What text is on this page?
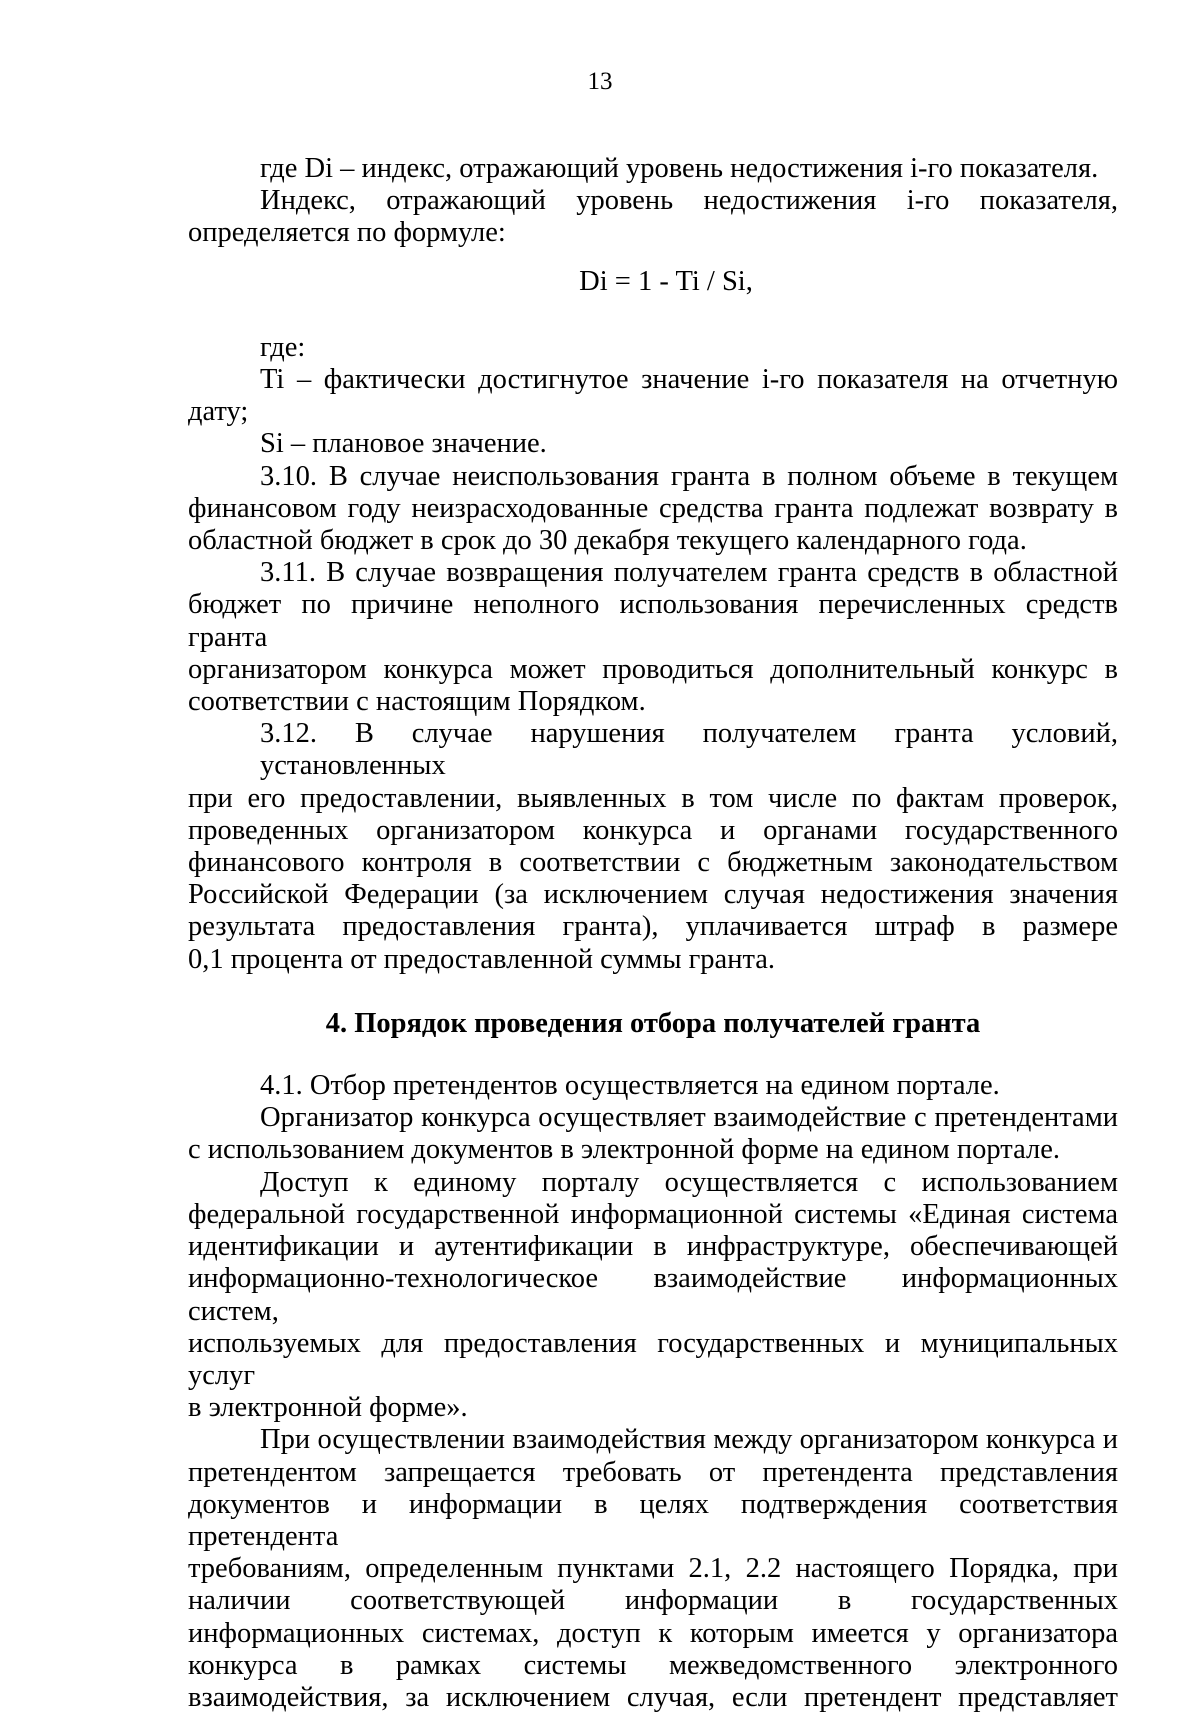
13
где Di – индекс, отражающий уровень недостижения i-го показателя.
Индекс, отражающий уровень недостижения i-го показателя,
определяется по формуле:
Di = 1 - Ti / Si,
где:
Ti – фактически достигнутое значение i-го показателя на отчетную
дату;
Si – плановое значение.
3.10. В случае неиспользования гранта в полном объеме в текущем
финансовом году неизрасходованные средства гранта подлежат возврату в
областной бюджет в срок до 30 декабря текущего календарного года.
3.11. В случае возвращения получателем гранта средств в областной
бюджет по причине неполного использования перечисленных средств гранта
организатором конкурса может проводиться дополнительный конкурс в
соответствии с настоящим Порядком.
3.12. В случае нарушения получателем гранта условий, установленных
при его предоставлении, выявленных в том числе по фактам проверок,
проведенных организатором конкурса и органами государственного
финансового контроля в соответствии с бюджетным законодательством
Российской Федерации (за исключением случая недостижения значения
результата предоставления гранта), уплачивается штраф в размере
0,1 процента от предоставленной суммы гранта.
4. Порядок проведения отбора получателей гранта
4.1. Отбор претендентов осуществляется на едином портале.
Организатор конкурса осуществляет взаимодействие с претендентами
с использованием документов в электронной форме на едином портале.
Доступ к единому порталу осуществляется с использованием
федеральной государственной информационной системы «Единая система
идентификации и аутентификации в инфраструктуре, обеспечивающей
информационно-технологическое взаимодействие информационных систем,
используемых для предоставления государственных и муниципальных услуг
в электронной форме».
При осуществлении взаимодействия между организатором конкурса и
претендентом запрещается требовать от претендента представления
документов и информации в целях подтверждения соответствия претендента
требованиям, определенным пунктами 2.1, 2.2 настоящего Порядка, при
наличии соответствующей информации в государственных
информационных системах, доступ к которым имеется у организатора
конкурса в рамках системы межведомственного электронного
взаимодействия, за исключением случая, если претендент представляет
